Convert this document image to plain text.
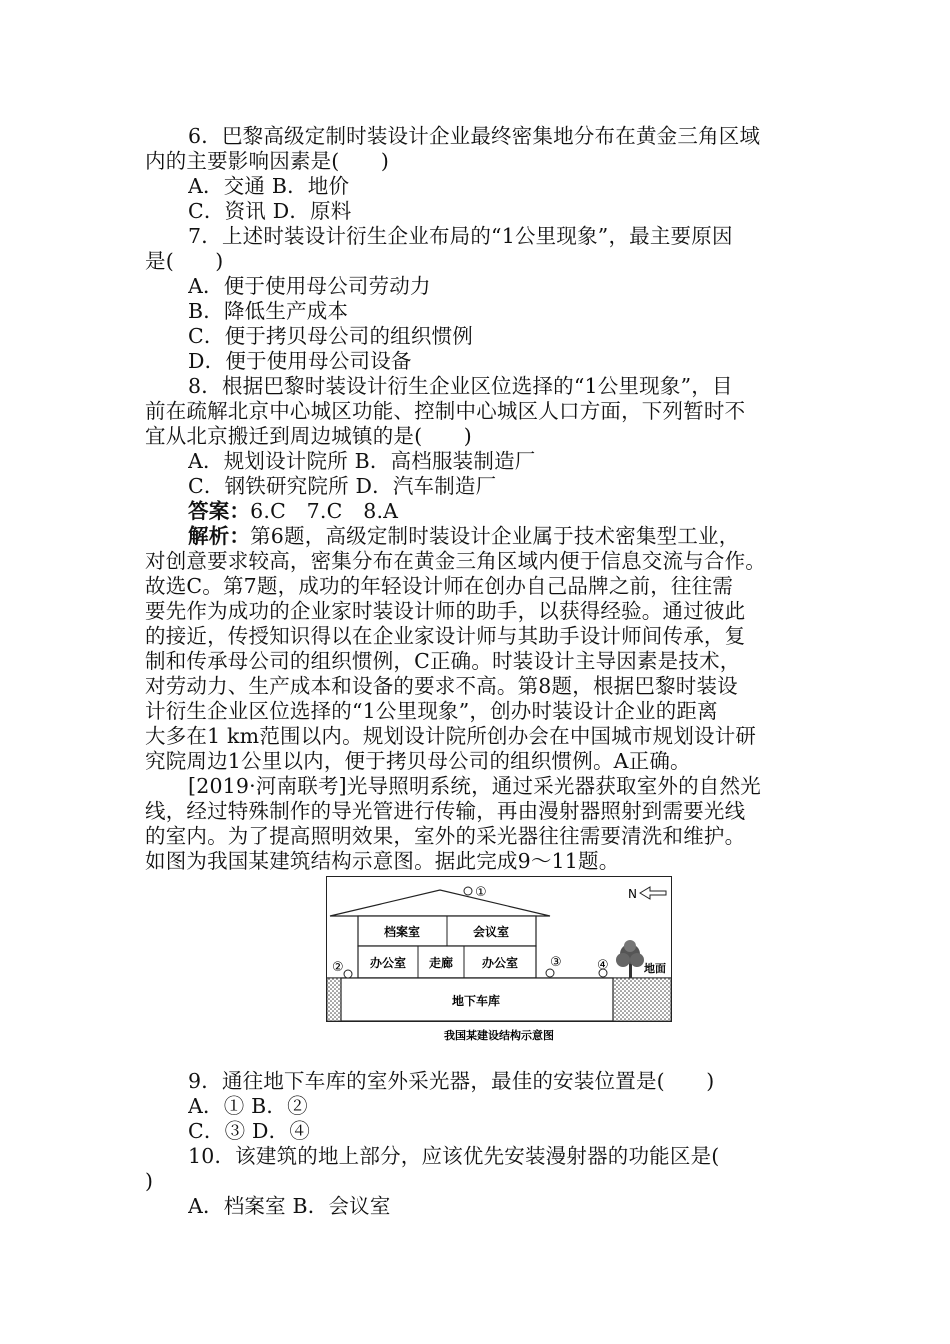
6．巴黎高级定制时装设计企业最终密集地分布在黄金三角区域
内的主要影响因素是(　　)
A．交通 B．地价
C．资讯 D．原料
7．上述时装设计衍生企业布局的“1公里现象”，最主要原因
是(　　)
A．便于使用母公司劳动力
B．降低生产成本
C．便于拷贝母公司的组织惯例
D．便于使用母公司设备
8．根据巴黎时装设计衍生企业区位选择的“1公里现象”，目
前在疏解北京中心城区功能、控制中心城区人口方面，下列暂时不
宜从北京搬迁到周边城镇的是(　　)
A．规划设计院所 B．高档服装制造厂
C．钢铁研究院所 D．汽车制造厂
答案：6.C　7.C　8.A
解析：第6题，高级定制时装设计企业属于技术密集型工业，
对创意要求较高，密集分布在黄金三角区域内便于信息交流与合作。
故选C。第7题，成功的年轻设计师在创办自己品牌之前，往往需
要先作为成功的企业家时装设计师的助手，以获得经验。通过彼此
的接近，传授知识得以在企业家设计师与其助手设计师间传承，复
制和传承母公司的组织惯例，C正确。时装设计主导因素是技术，
对劳动力、生产成本和设备的要求不高。第8题，根据巴黎时装设
计衍生企业区位选择的“1公里现象”，创办时装设计企业的距离
大多在1 km范围以内。规划设计院所创办会在中国城市规划设计研
究院周边1公里以内，便于拷贝母公司的组织惯例。A正确。
[2019·河南联考]光导照明系统，通过采光器获取室外的自然光
线，经过特殊制作的导光管进行传输，再由漫射器照射到需要光线
的室内。为了提高照明效果，室外的采光器往往需要清洗和维护。
如图为我国某建筑结构示意图。据此完成9～11题。
N
①
档案室	会议室
办公室 走廊 办公室
地下车库
②	③	④	地面
我国某建设结构示意图
9．通往地下车库的室外采光器，最佳的安装位置是(　　)
A．① B．②
C．③ D．④
10．该建筑的地上部分，应该优先安装漫射器的功能区是(
)
A．档案室 B．会议室
